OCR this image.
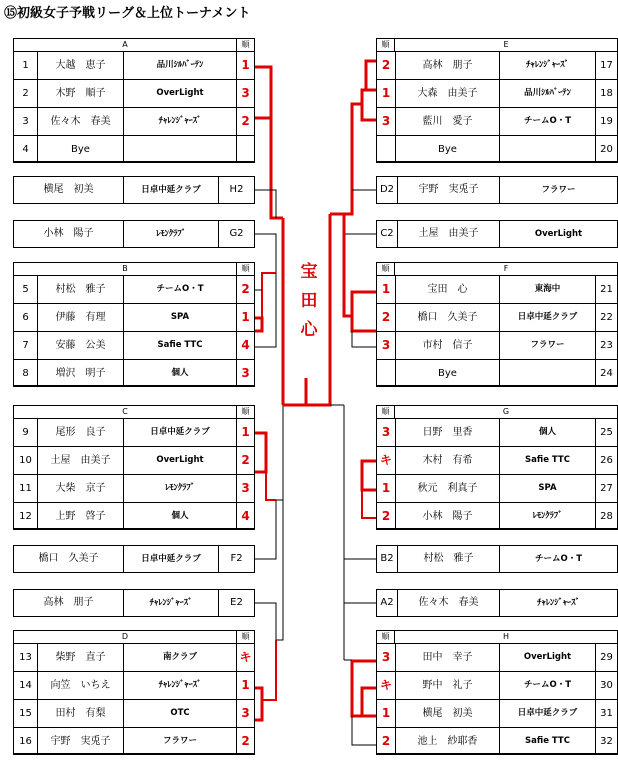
⑮初級女子予戦リーグ＆上位トーナメント
A	順
1	大越　恵子	品川ｼﾙﾊﾞｰﾃﾝ	1
2	木野　順子	OverLight	3
3	佐々木　春美	ﾁｬﾚﾝｼﾞｬｰｽﾞ	2
4	Bye
E
順
2	高林　朋子	ﾁｬﾚﾝｼﾞｬｰｽﾞ	17
1	大森　由美子	品川ｼﾙﾊﾞｰﾃﾝ	18
3	藍川　愛子	チームO・T	19
Bye	20
B	順
5	村松　雅子	チームO・T	2
6	伊藤　有理	SPA	1
7	安藤　公美	Safie TTC	4
8	増沢　明子	個人	3
F
順
1	宝田　心	東海中	21
2	橋口　久美子	日卓中延クラブ	22
3	市村　信子	フラワー	23
Bye	24
C	順
9	尾形　良子	日卓中延クラブ	1
10	土屋　由美子	OverLight	2
11	大柴　京子	ﾚﾓﾝｸﾗﾌﾞ	3
12	上野　啓子	個人	4
G
順
3	日野　里香	個人	25
キ	木村　有希	Safie TTC	26
1	秋元　利真子	SPA	27
2	小林　陽子	ﾚﾓﾝｸﾗﾌﾞ	28
D	順
13	柴野　直子	南クラブ	キ
14	向笠　いちえ	ﾁｬﾚﾝｼﾞｬｰｽﾞ	1
15	田村　有梨	OTC	3
16	宇野　実兎子	フラワー	2
H
順
3	田中　幸子	OverLight	29
キ	野中　礼子	チームO・T	30
1	横尾　初美	日卓中延クラブ	31
2	池上　紗耶香	Safie TTC	32
横尾　初美	日卓中延クラブ	H2	D2	宇野　実兎子	フラワー
小林　陽子	ﾚﾓﾝｸﾗﾌﾞ	G2	C2	土屋　由美子	OverLight
橋口　久美子	日卓中延クラブ	F2	B2	村松　雅子	チームO・T
高林　朋子	ﾁｬﾚﾝｼﾞｬｰｽﾞ	E2	A2	佐々木　春美	ﾁｬﾚﾝｼﾞｬｰｽﾞ
宝
田
心
